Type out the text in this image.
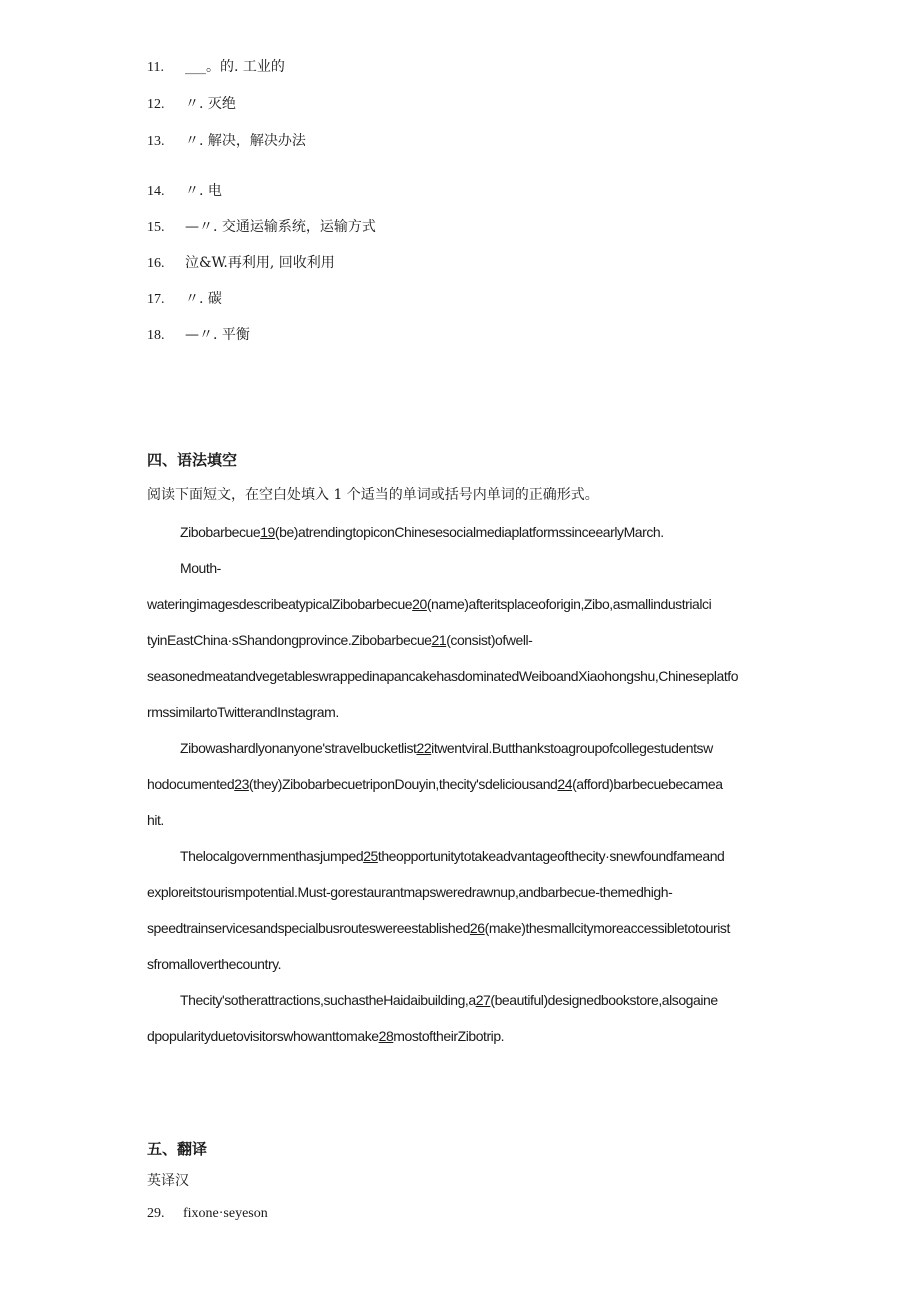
11. ___。的. 工业的
12. 〃. 灭绝
13. 〃. 解决，解决办法
14. 〃. 电
15. —〃. 交通运输系统，运输方式
16. 泣&W.再利用, 回收利用
17. 〃. 碳
18. —〃. 平衡
四、语法填空
阅读下面短文，在空白处填入 1 个适当的单词或括号内单词的正确形式。
Zibobarbecue19(be)atrendingtopiconChinesesocialmediaplatformssinceearlyMarch.
Mouth-
wateringimagesdescribeatypicalZibobarbecue20(name)afteritsplaceoforigin,Zibo,asmallindustrialci
tyinEastChina·sShandongprovince.Zibobarbecue21(consist)ofwell-
seasonedmeatandvegetableswrappedinapancakehasdominatedWeiboandXiaohongshu,Chineseplatfo
rmssimilartoTwitterandInstagram.
Zibowashardlyonanyone'stravelbucketlist22itwentviral.Butthankstoagroupofcollegestudentsw
hodocumented23(they)ZibobarbecuetriponDouyin,thecity'sdeliciousand24(afford)barbecuebecamea
hit.
Thelocalgovernmenthasjumped25theopportunitytotakeadvantageofthecity·snewfoundfameand
exploreitstourismpotential.Must-gorestaurantmapsweredrawnup,andbarbecue-themedhigh-
speedtrainservicesandspecialbusrouteswereestablished26(make)thesmallcitymoreaccessibletotourist
sfromalloverthecountry.
Thecity'sotherattractions,suchastheHaidaibuilding,a27(beautiful)designedbookstore,alsogaine
dpopularityduetovisitorswhowanttomake28mostoftheirZibotrip.
五、翻译
英译汉
29. fixone·seyeson
